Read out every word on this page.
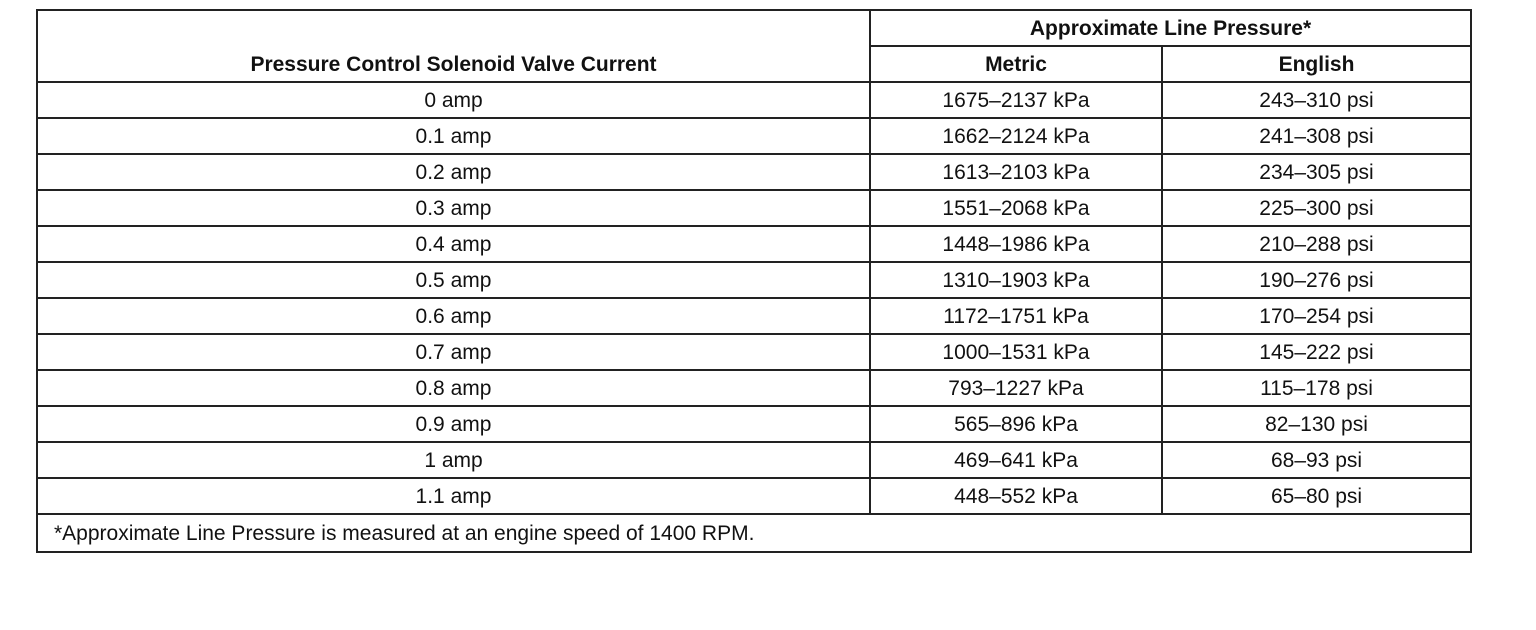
Pressure Control Solenoid Valve Current	Approximate Line Pressure*	
	Metric	English
0 amp	1675–2137 kPa	243–310 psi
0.1 amp	1662–2124 kPa	241–308 psi
0.2 amp	1613–2103 kPa	234–305 psi
0.3 amp	1551–2068 kPa	225–300 psi
0.4 amp	1448–1986 kPa	210–288 psi
0.5 amp	1310–1903 kPa	190–276 psi
0.6 amp	1172–1751 kPa	170–254 psi
0.7 amp	1000–1531 kPa	145–222 psi
0.8 amp	793–1227 kPa	115–178 psi
0.9 amp	565–896 kPa	82–130 psi
1 amp	469–641 kPa	68–93 psi
1.1 amp	448–552 kPa	65–80 psi
*Approximate Line Pressure is measured at an engine speed of 1400 RPM.		
